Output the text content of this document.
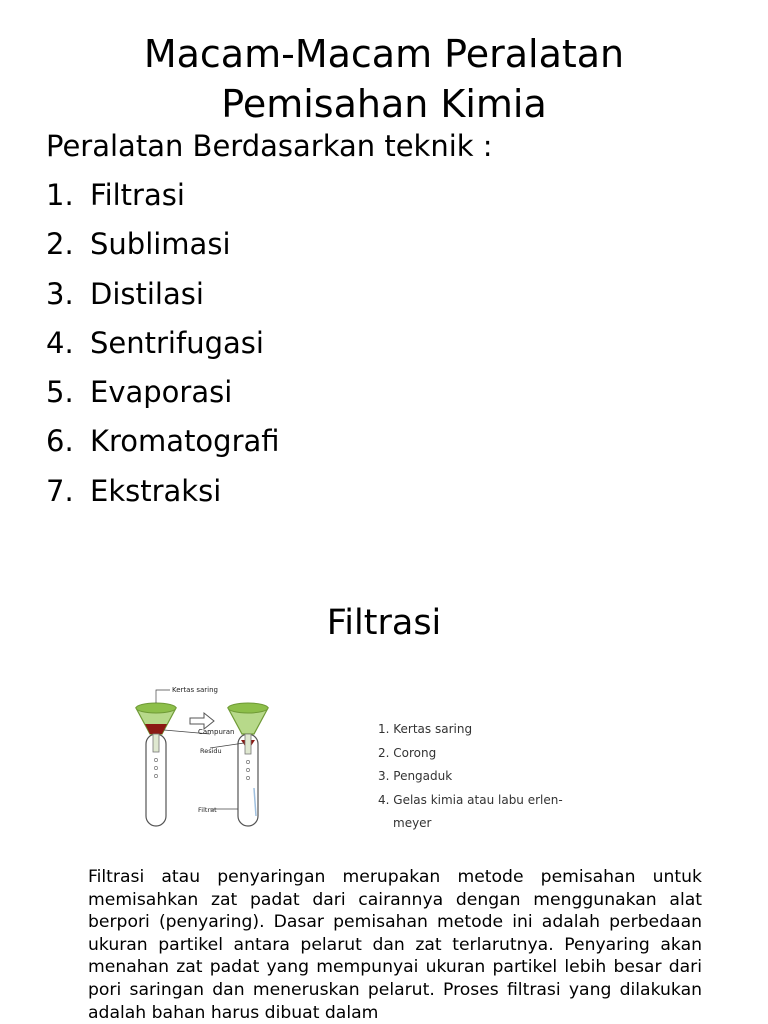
Macam-Macam Peralatan
Pemisahan Kimia
Peralatan Berdasarkan teknik :
1. Filtrasi
2. Sublimasi
3. Distilasi
4. Sentrifugasi
5. Evaporasi
6. Kromatografi
7. Ekstraksi
Filtrasi
Kertas saring
Campuran
Residu
Filtrat
1. Kertas saring
2. Corong
3. Pengaduk
4. Gelas kimia atau labu erlen-
meyer

Filtrasi atau penyaringan merupakan metode pemisahan untuk memisahkan zat padat dari cairannya dengan menggunakan alat berpori (penyaring). Dasar pemisahan metode ini adalah perbedaan ukuran partikel antara pelarut dan zat terlarutnya. Penyaring akan menahan zat padat yang mempunyai ukuran partikel lebih besar dari pori saringan dan meneruskan pelarut. Proses filtrasi yang dilakukan adalah bahan harus dibuat dalam
